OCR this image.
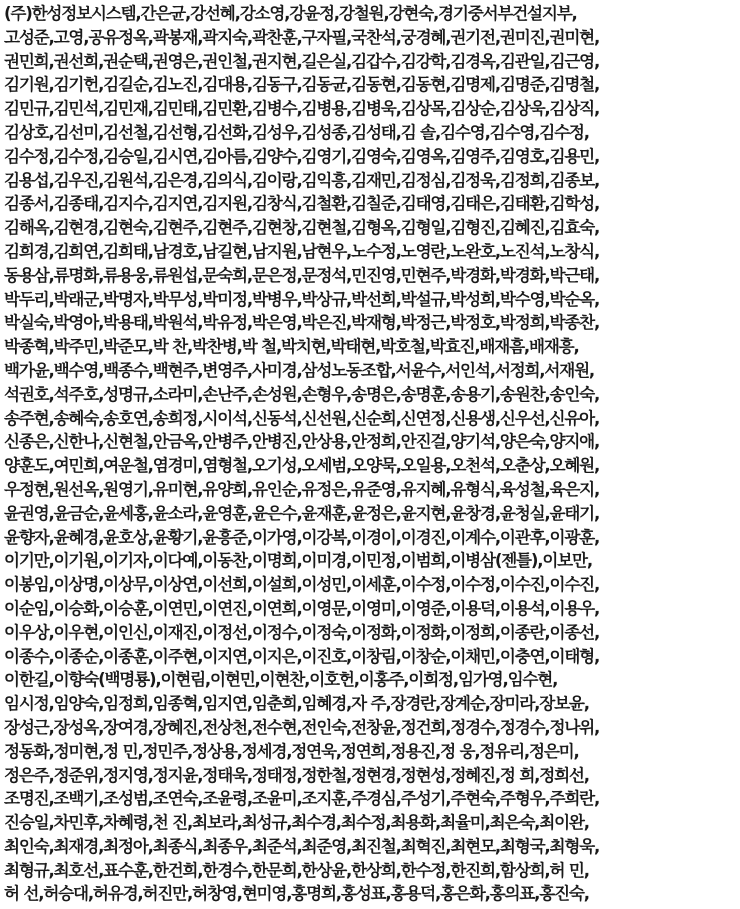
(주)한성정보시스템,간은균,강선혜,강소영,강윤정,강철원,강현숙,경기중서부건설지부,
고성준,고영,공유정옥,곽봉재,곽지숙,곽찬훈,구자필,국찬석,궁경혜,권기전,권미진,권미현,
권민희,권선희,권순택,권영은,권인철,권지현,길은실,김갑수,김강학,김경옥,김관일,김근영,
김기원,김기헌,김길순,김노진,김대용,김동구,김동균,김동현,김동현,김명제,김명준,김명철,
김민규,김민석,김민재,김민태,김민환,김병수,김병용,김병욱,김상목,김상순,김상욱,김상직,
김상호,김선미,김선철,김선형,김선화,김성우,김성종,김성태,김 솔,김수영,김수영,김수정,
김수정,김수정,김승일,김시연,김아름,김양수,김영기,김영숙,김영옥,김영주,김영호,김용민,
김용섭,김우진,김원석,김은경,김의식,김이랑,김익흥,김재민,김정심,김정욱,김정희,김종보,
김종서,김종태,김지수,김지연,김지원,김창식,김철환,김칠준,김태영,김태은,김태환,김학성,
김해옥,김현경,김현숙,김현주,김현주,김현창,김현철,김형옥,김형일,김형진,김혜진,김효숙,
김희경,김희연,김희태,남경호,남길현,남지원,남현우,노수정,노영란,노완호,노진석,노창식,
동용삼,류명화,류용웅,류원섭,문숙희,문은정,문정석,민진영,민현주,박경화,박경화,박근태,
박두리,박래군,박명자,박무성,박미정,박병우,박상규,박선희,박설규,박성희,박수영,박순옥,
박실숙,박영아,박용태,박원석,박유정,박은영,박은진,박재형,박정근,박정호,박정희,박종찬,
박종혁,박주민,박준모,박 찬,박찬병,박 철,박치현,박태현,박호철,박효진,배재흠,배재흥,
백가윤,백수영,백종수,백현주,변영주,사미경,삼성노동조합,서윤수,서인석,서정희,서재원,
석권호,석주호,성명규,소라미,손난주,손성원,손형우,송명은,송명훈,송용기,송원찬,송인숙,
송주현,송혜숙,송호연,송희정,시이석,신동석,신선원,신순희,신연정,신용생,신우선,신유아,
신종은,신한나,신현철,안금옥,안병주,안병진,안상용,안정희,안진걸,양기석,양은숙,양지애,
양훈도,여민희,여운철,염경미,염형철,오기성,오세범,오양묵,오일용,오천석,오춘상,오혜원,
우정현,원선옥,원영기,유미현,유양희,유인순,유정은,유준영,유지혜,유형식,육성철,육은지,
윤권영,윤금순,윤세홍,윤소라,윤영훈,윤은수,윤재훈,윤정은,윤지현,윤창경,윤청실,윤태기,
윤향자,윤혜경,윤호상,윤황기,윤흥준,이가영,이강복,이경이,이경진,이계수,이관후,이광훈,
이기만,이기원,이기자,이다예,이동찬,이명희,이미경,이민정,이범희,이병삼(젠틀),이보만,
이봉임,이상명,이상무,이상연,이선희,이설희,이성민,이세훈,이수정,이수정,이수진,이수진,
이순임,이승화,이승훈,이연민,이연진,이연희,이영문,이영미,이영준,이용덕,이용석,이용우,
이우상,이우현,이인신,이재진,이정선,이정수,이정숙,이정화,이정화,이정희,이종란,이종선,
이종수,이종순,이종훈,이주현,이지연,이지은,이진호,이창림,이창순,이채민,이충연,이태형,
이한길,이향숙(백명룡),이현림,이현민,이현찬,이호헌,이홍주,이희정,임가영,임수현,
임시정,임양숙,임정희,임종혁,임지연,임춘희,임혜경,자 주,장경란,장계순,장미라,장보윤,
장성근,장성옥,장여경,장혜진,전상천,전수현,전인숙,전창윤,정건희,정경수,정경수,정나위,
정동화,정미현,정 민,정민주,정상용,정세경,정연욱,정연희,정용진,정 웅,정유리,정은미,
정은주,정준위,정지영,정지윤,정태욱,정태정,정한철,정현경,정현성,정혜진,정 희,정희선,
조명진,조백기,조성범,조연숙,조윤령,조윤미,조지훈,주경심,주성기,주현숙,주형우,주희란,
진승일,차민후,차혜령,천 진,최보라,최성규,최수경,최수정,최용화,최율미,최은숙,최이완,
최인숙,최재경,최정아,최종식,최종우,최준석,최준영,최진철,최혁진,최현모,최형국,최형욱,
최형규,최호선,표수훈,한건희,한경수,한문희,한상윤,한상희,한수정,한진희,함상희,허 민,
허 선,허승대,허유경,허진만,허창영,현미영,홍명희,홍성표,홍용덕,홍은화,홍의표,홍진숙,
